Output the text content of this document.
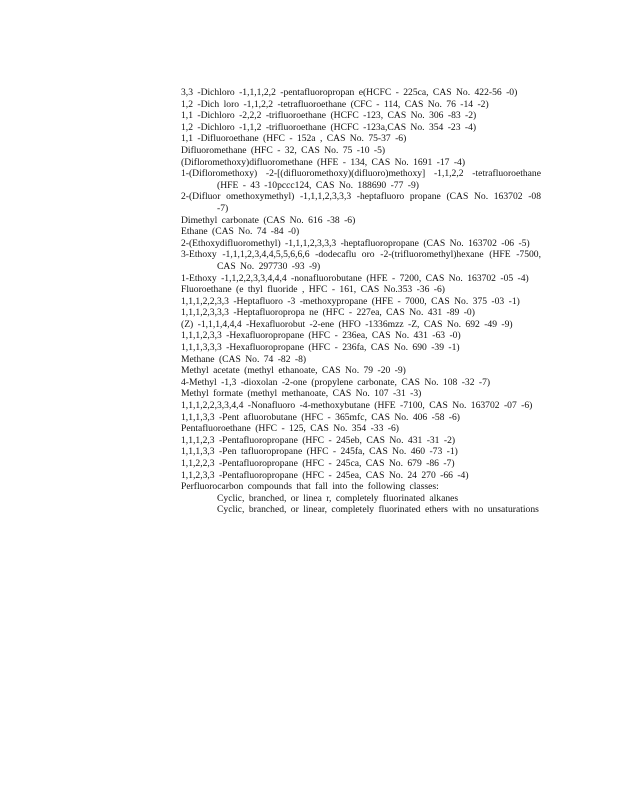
3,3 -Dichloro -1,1,1,2,2 -pentafluoropropan e(HCFC - 225ca, CAS No. 422-56 -0)
1,2 -Dich loro -1,1,2,2 -tetrafluoroethane (CFC - 114, CAS No. 76 -14 -2)
1,1 -Dichloro -2,2,2 -trifluoroethane (HCFC -123, CAS No. 306 -83 -2)
1,2 -Dichloro -1,1,2 -trifluoroethane (HCFC -123a,CAS No. 354 -23 -4)
1,1 -Difluoroethane (HFC - 152a , CAS No. 75-37 -6)
Difluoromethane (HFC - 32, CAS No. 75 -10 -5)
(Difloromethoxy)difluoromethane (HFE - 134, CAS No. 1691 -17 -4)
1-(Difloromethoxy) -2-[(difluoromethoxy)(difluoro)methoxy] -1,1,2,2 -tetrafluoroethane (HFE - 43 -10pccc124, CAS No. 188690 -77 -9)
2-(Difluor omethoxymethyl) -1,1,1,2,3,3,3 -heptafluoro propane (CAS No. 163702 -08 -7)
Dimethyl carbonate (CAS No. 616 -38 -6)
Ethane (CAS No. 74 -84 -0)
2-(Ethoxydifluoromethyl) -1,1,1,2,3,3,3 -heptafluoropropane (CAS No. 163702 -06 -5)
3-Ethoxy -1,1,1,2,3,4,4,5,5,6,6,6 -dodecaflu oro -2-(trifluoromethyl)hexane (HFE -7500, CAS No. 297730 -93 -9)
1-Ethoxy -1,1,2,2,3,3,4,4,4 -nonafluorobutane (HFE - 7200, CAS No. 163702 -05 -4)
Fluoroethane (e thyl fluoride , HFC - 161, CAS No.353 -36 -6)
1,1,1,2,2,3,3 -Heptafluoro -3 -methoxypropane (HFE - 7000, CAS No. 375 -03 -1)
1,1,1,2,3,3,3 -Heptafluoropropa ne (HFC - 227ea, CAS No. 431 -89 -0)
(Z) -1,1,1,4,4,4 -Hexafluorobut -2-ene (HFO -1336mzz -Z, CAS No. 692 -49 -9)
1,1,1,2,3,3 -Hexafluoropropane (HFC - 236ea, CAS No. 431 -63 -0)
1,1,1,3,3,3 -Hexafluoropropane (HFC - 236fa, CAS No. 690 -39 -1)
Methane (CAS No. 74 -82 -8)
Methyl acetate (methyl ethanoate, CAS No. 79 -20 -9)
4-Methyl -1,3 -dioxolan -2-one (propylene carbonate, CAS No. 108 -32 -7)
Methyl formate (methyl methanoate, CAS No. 107 -31 -3)
1,1,1,2,2,3,3,4,4 -Nonafluoro -4-methoxybutane (HFE -7100, CAS No. 163702 -07 -6)
1,1,1,3,3 -Pent afluorobutane (HFC - 365mfc, CAS No. 406 -58 -6)
Pentafluoroethane (HFC - 125, CAS No. 354 -33 -6)
1,1,1,2,3 -Pentafluoropropane (HFC - 245eb, CAS No. 431 -31 -2)
1,1,1,3,3 -Pen tafluoropropane (HFC - 245fa, CAS No. 460 -73 -1)
1,1,2,2,3 -Pentafluoropropane (HFC - 245ca, CAS No. 679 -86 -7)
1,1,2,3,3 -Pentafluoropropane (HFC - 245ea, CAS No. 24 270 -66 -4)
Perfluorocarbon compounds that fall into the following classes:
Cyclic, branched, or linea r, completely fluorinated alkanes
Cyclic, branched, or linear, completely fluorinated ethers with no unsaturations
